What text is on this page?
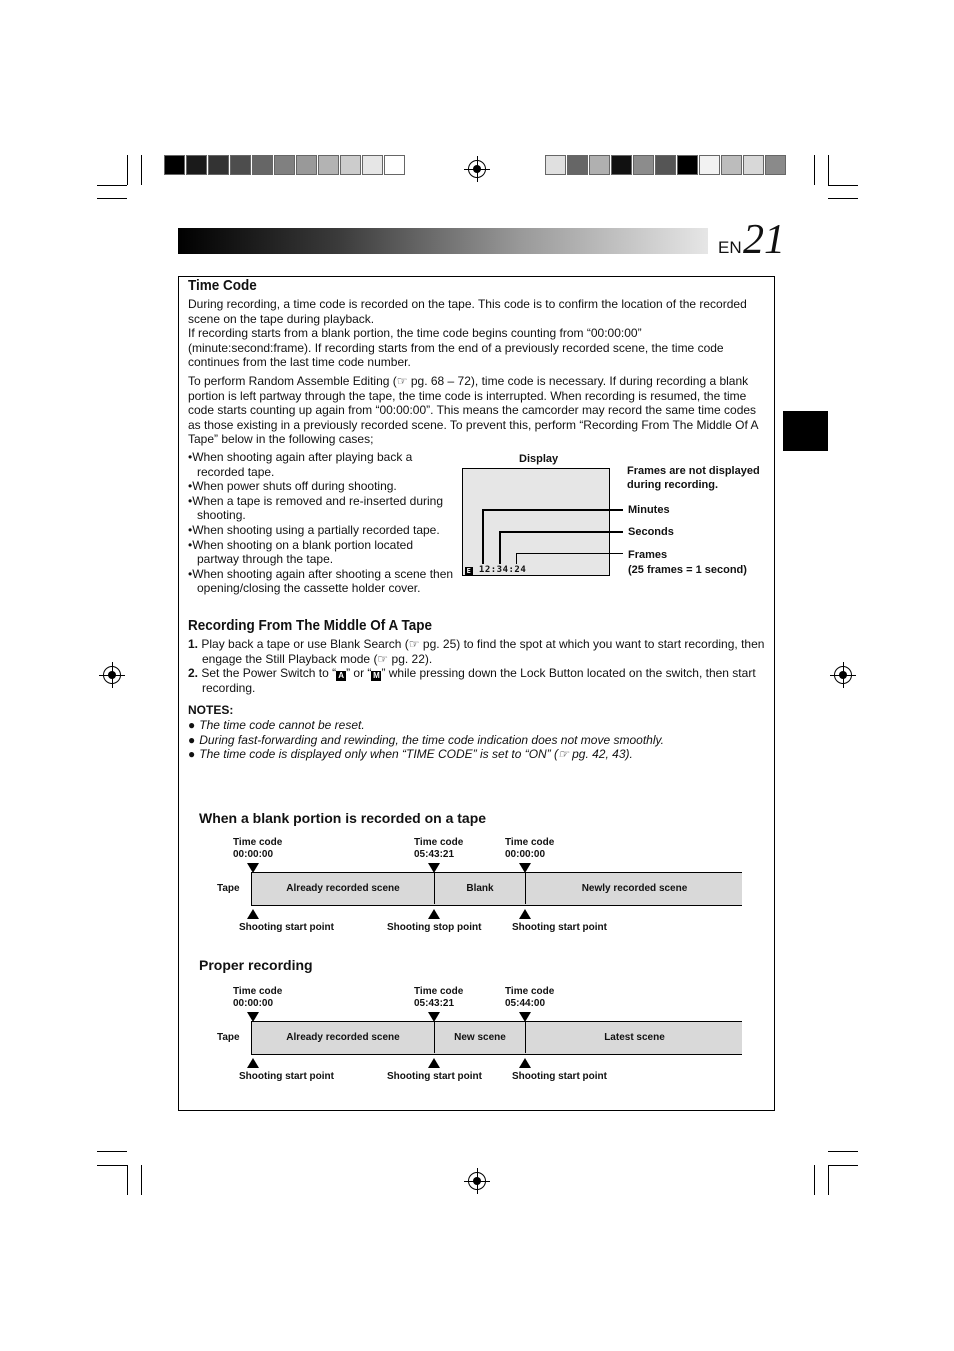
EN 21
Time Code

During recording, a time code is recorded on the tape. This code is to confirm the location of the recorded scene on the tape during playback.

If recording starts from a blank portion, the time code begins counting from “00:00:00” (minute:second:frame). If recording starts from the end of a previously recorded scene, the time code continues from the last time code number.

To perform Random Assemble Editing (☞ pg. 68 – 72), time code is necessary. If during recording a blank portion is left partway through the tape, the time code is interrupted. When recording is resumed, the time code starts counting up again from “00:00:00”. This means the camcorder may record the same time codes as those existing in a previously recorded scene. To prevent this, perform “Recording From The Middle Of A Tape” below in the following cases;

•When shooting again after playing back a recorded tape.
•When power shuts off during shooting.
•When a tape is removed and re-inserted during shooting.
•When shooting using a partially recorded tape.
•When shooting on a blank portion located partway through the tape.
•When shooting again after shooting a scene then opening/closing the cassette holder cover.
Display
E 12:34:24
Frames are not displayed during recording.
Minutes
Seconds
Frames
(25 frames = 1 second)
Recording From The Middle Of A Tape
1. Play back a tape or use Blank Search (☞ pg. 25) to find the spot at which you want to start recording, then engage the Still Playback mode (☞ pg. 22).
2. Set the Power Switch to “ A ” or “ M ” while pressing down the Lock Button located on the switch, then start recording.
NOTES:
● The time code cannot be reset.
● During fast-forwarding and rewinding, the time code indication does not move smoothly.
● The time code is displayed only when “TIME CODE” is set to “ON” (☞ pg. 42, 43).
When a blank portion is recorded on a tape
Time code
00:00:00
Time code
05:43:21
Time code
00:00:00
Tape	Already recorded scene	Blank	Newly recorded scene
Shooting start point	Shooting stop point	Shooting start point
Proper recording
Time code
00:00:00
Time code
05:43:21
Time code
05:44:00
Tape	Already recorded scene	New scene	Latest scene
Shooting start point	Shooting start point	Shooting start point
